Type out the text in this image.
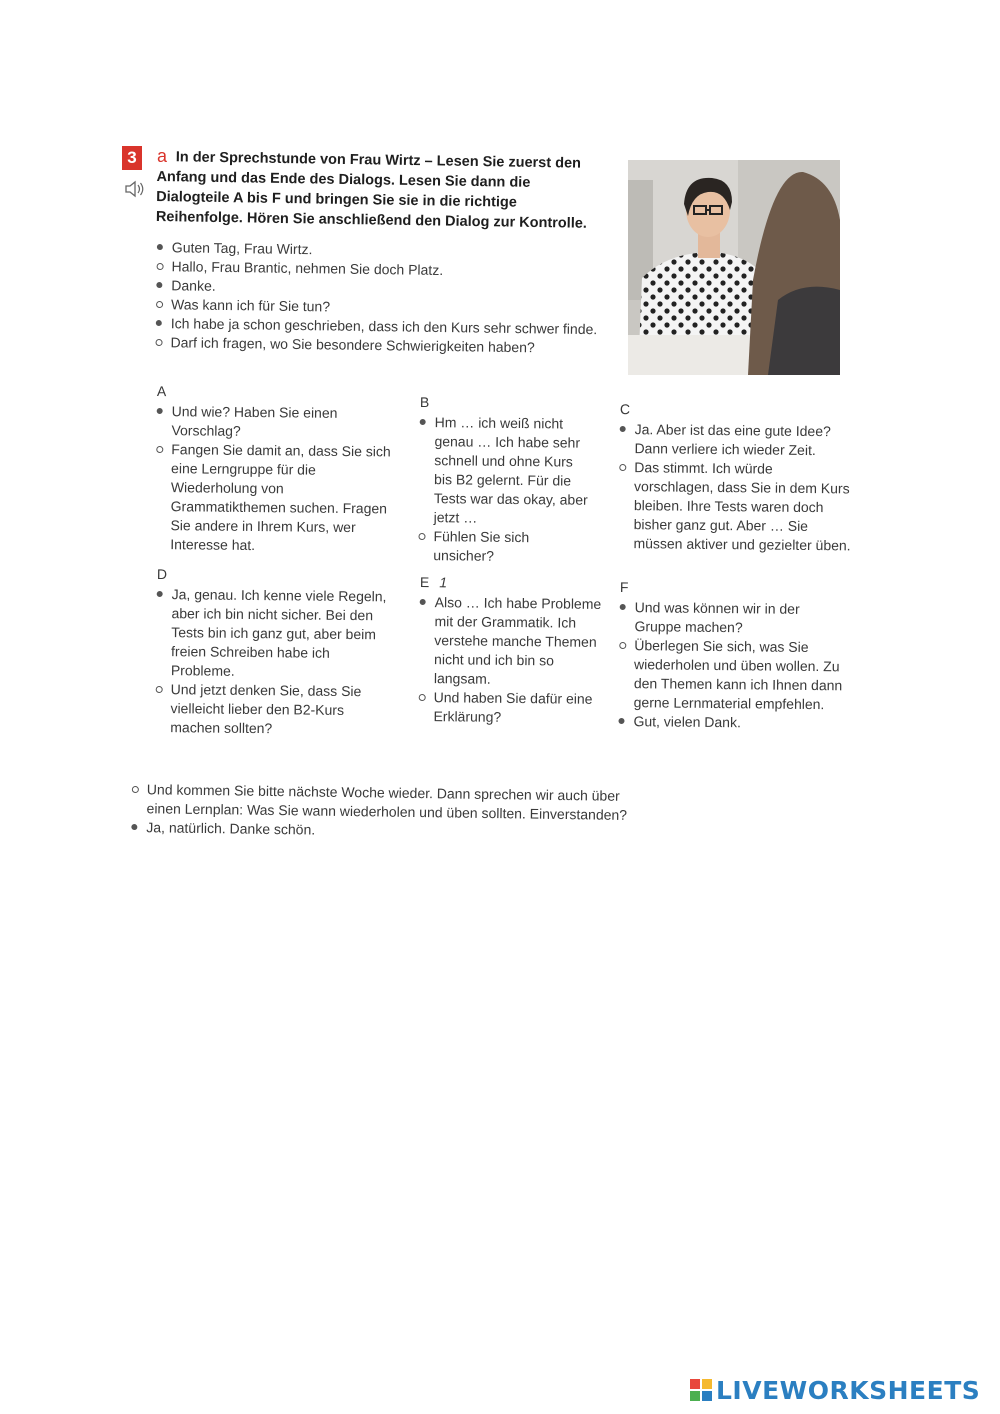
3 a In der Sprechstunde von Frau Wirtz – Lesen Sie zuerst den Anfang und das Ende des Dialogs. Lesen Sie dann die Dialogteile A bis F und bringen Sie sie in die richtige Reihenfolge. Hören Sie anschließend den Dialog zur Kontrolle.

Guten Tag, Frau Wirtz.

Hallo, Frau Brantic, nehmen Sie doch Platz.

Danke.

Was kann ich für Sie tun?

Ich habe ja schon geschrieben, dass ich den Kurs sehr schwer finde.

Darf ich fragen, wo Sie besondere Schwierigkeiten haben?

A

Und wie? Haben Sie einen Vorschlag?

Fangen Sie damit an, dass Sie sich eine Lerngruppe für die Wiederholung von Grammatikthemen suchen. Fragen Sie andere in Ihrem Kurs, wer Interesse hat.

B

Hm … ich weiß nicht genau … Ich habe sehr schnell und ohne Kurs bis B2 gelernt. Für die Tests war das okay, aber jetzt …

Fühlen Sie sich unsicher?

C

Ja. Aber ist das eine gute Idee? Dann verliere ich wieder Zeit.

Das stimmt. Ich würde vorschlagen, dass Sie in dem Kurs bleiben. Ihre Tests waren doch bisher ganz gut. Aber … Sie müssen aktiver und gezielter üben.

D

Ja, genau. Ich kenne viele Regeln, aber ich bin nicht sicher. Bei den Tests bin ich ganz gut, aber beim freien Schreiben habe ich Probleme.

Und jetzt denken Sie, dass Sie vielleicht lieber den B2-Kurs machen sollten?

E 1

Also … Ich habe Probleme mit der Grammatik. Ich verstehe manche Themen nicht und ich bin so langsam.

Und haben Sie dafür eine Erklärung?

F

Und was können wir in der Gruppe machen?

Überlegen Sie sich, was Sie wiederholen und üben wollen. Zu den Themen kann ich Ihnen dann gerne Lernmaterial empfehlen.

Gut, vielen Dank.

Und kommen Sie bitte nächste Woche wieder. Dann sprechen wir auch über einen Lernplan: Was Sie wann wiederholen und üben sollten. Einverstanden?

Ja, natürlich. Danke schön.

LIVEWORKSHEETS
